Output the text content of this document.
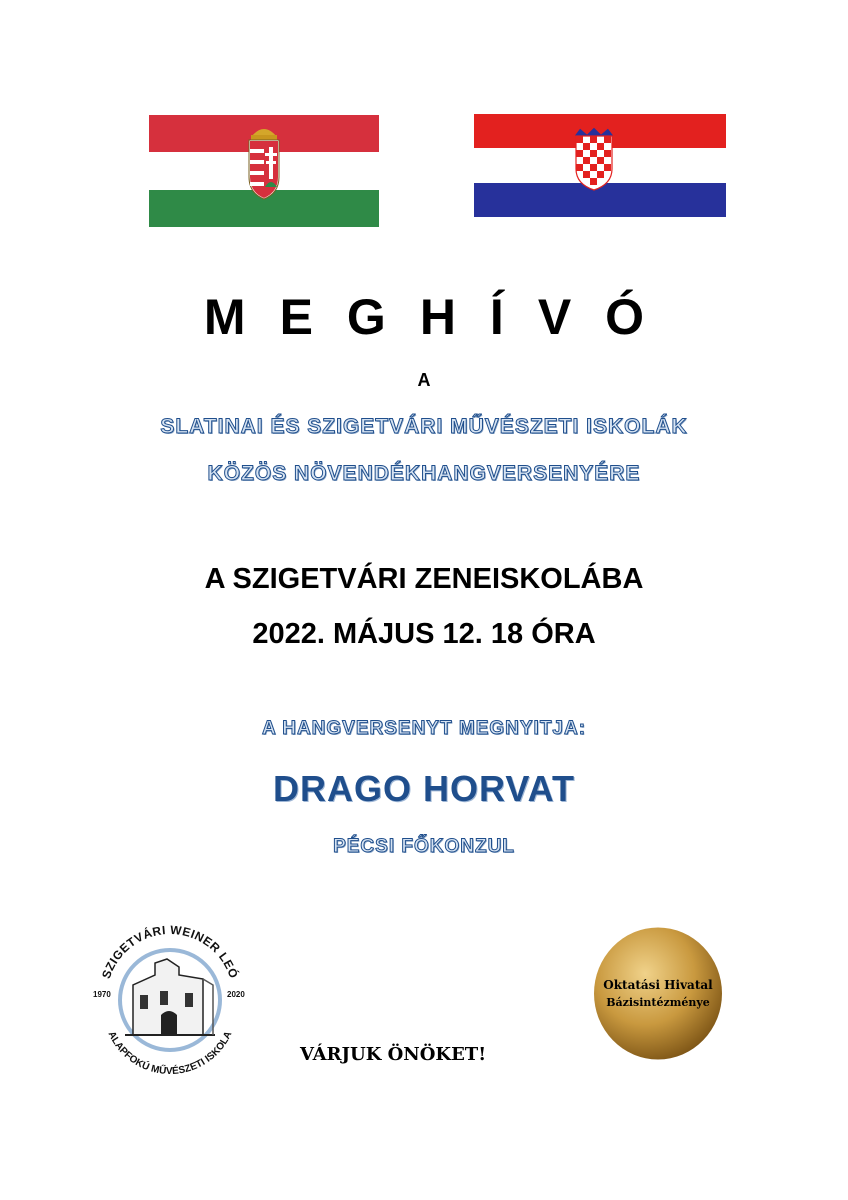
MEGHÍVÓ
A
SLATINAI ÉS SZIGETVÁRI MŰVÉSZETI ISKOLÁK
KÖZÖS NÖVENDÉKHANGVERSENYÉRE
A SZIGETVÁRI ZENEISKOLÁBA
2022. MÁJUS 12. 18 ÓRA
A HANGVERSENYT MEGNYITJA:
DRAGO HORVAT
PÉCSI FŐKONZUL
SZIGETVÁRI WEINER LEÓ
ALAPFOKÚ MŰVÉSZETI ISKOLA
1970	2020
VÁRJUK ÖNÖKET!
Oktatási Hivatal
Bázisintézménye
